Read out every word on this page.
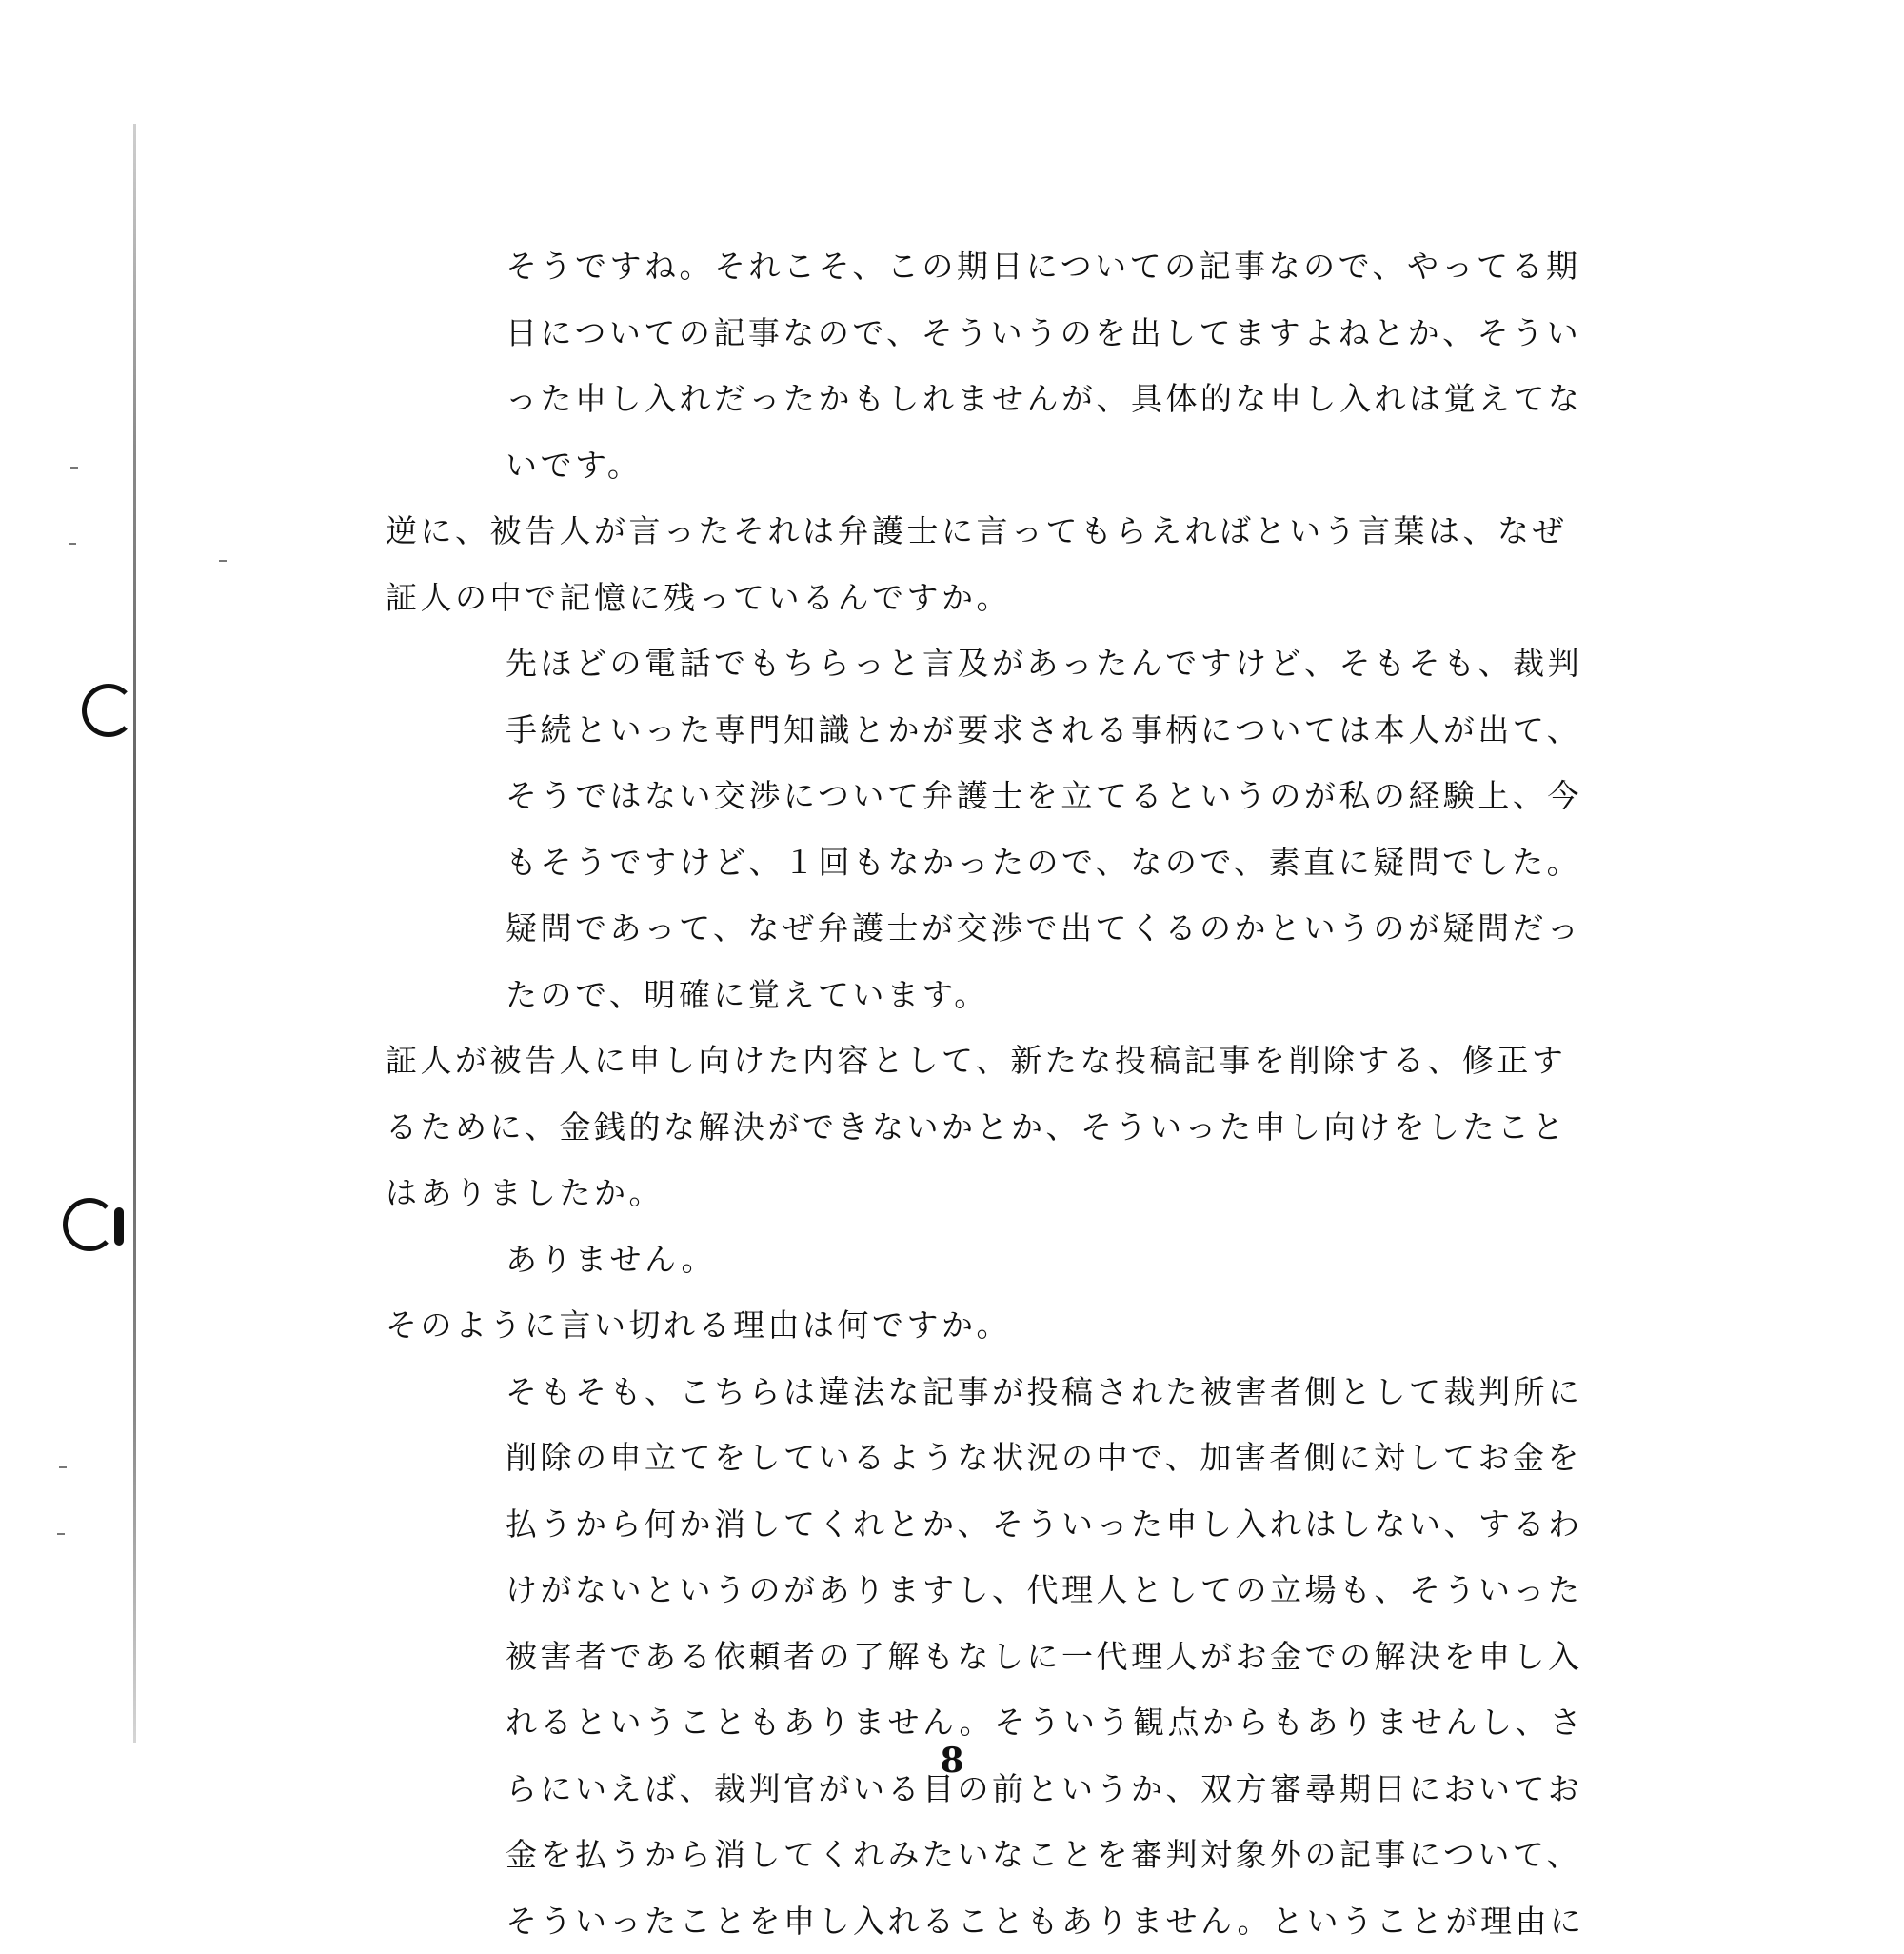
そうですね。それこそ、この期日についての記事なので、やってる期
日についての記事なので、そういうのを出してますよねとか、そうい
った申し入れだったかもしれませんが、具体的な申し入れは覚えてな
いです。
逆に、被告人が言ったそれは弁護士に言ってもらえればという言葉は、なぜ
証人の中で記憶に残っているんですか。
先ほどの電話でもちらっと言及があったんですけど、そもそも、裁判
手続といった専門知識とかが要求される事柄については本人が出て、
そうではない交渉について弁護士を立てるというのが私の経験上、今
もそうですけど、１回もなかったので、なので、素直に疑問でした。
疑問であって、なぜ弁護士が交渉で出てくるのかというのが疑問だっ
たので、明確に覚えています。
証人が被告人に申し向けた内容として、新たな投稿記事を削除する、修正す
るために、金銭的な解決ができないかとか、そういった申し向けをしたこと
はありましたか。
ありません。
そのように言い切れる理由は何ですか。
そもそも、こちらは違法な記事が投稿された被害者側として裁判所に
削除の申立てをしているような状況の中で、加害者側に対してお金を
払うから何か消してくれとか、そういった申し入れはしない、するわ
けがないというのがありますし、代理人としての立場も、そういった
被害者である依頼者の了解もなしに一代理人がお金での解決を申し入
れるということもありません。そういう観点からもありませんし、さ
らにいえば、裁判官がいる目の前というか、双方審尋期日においてお
金を払うから消してくれみたいなことを審判対象外の記事について、
そういったことを申し入れることもありません。ということが理由に
8
